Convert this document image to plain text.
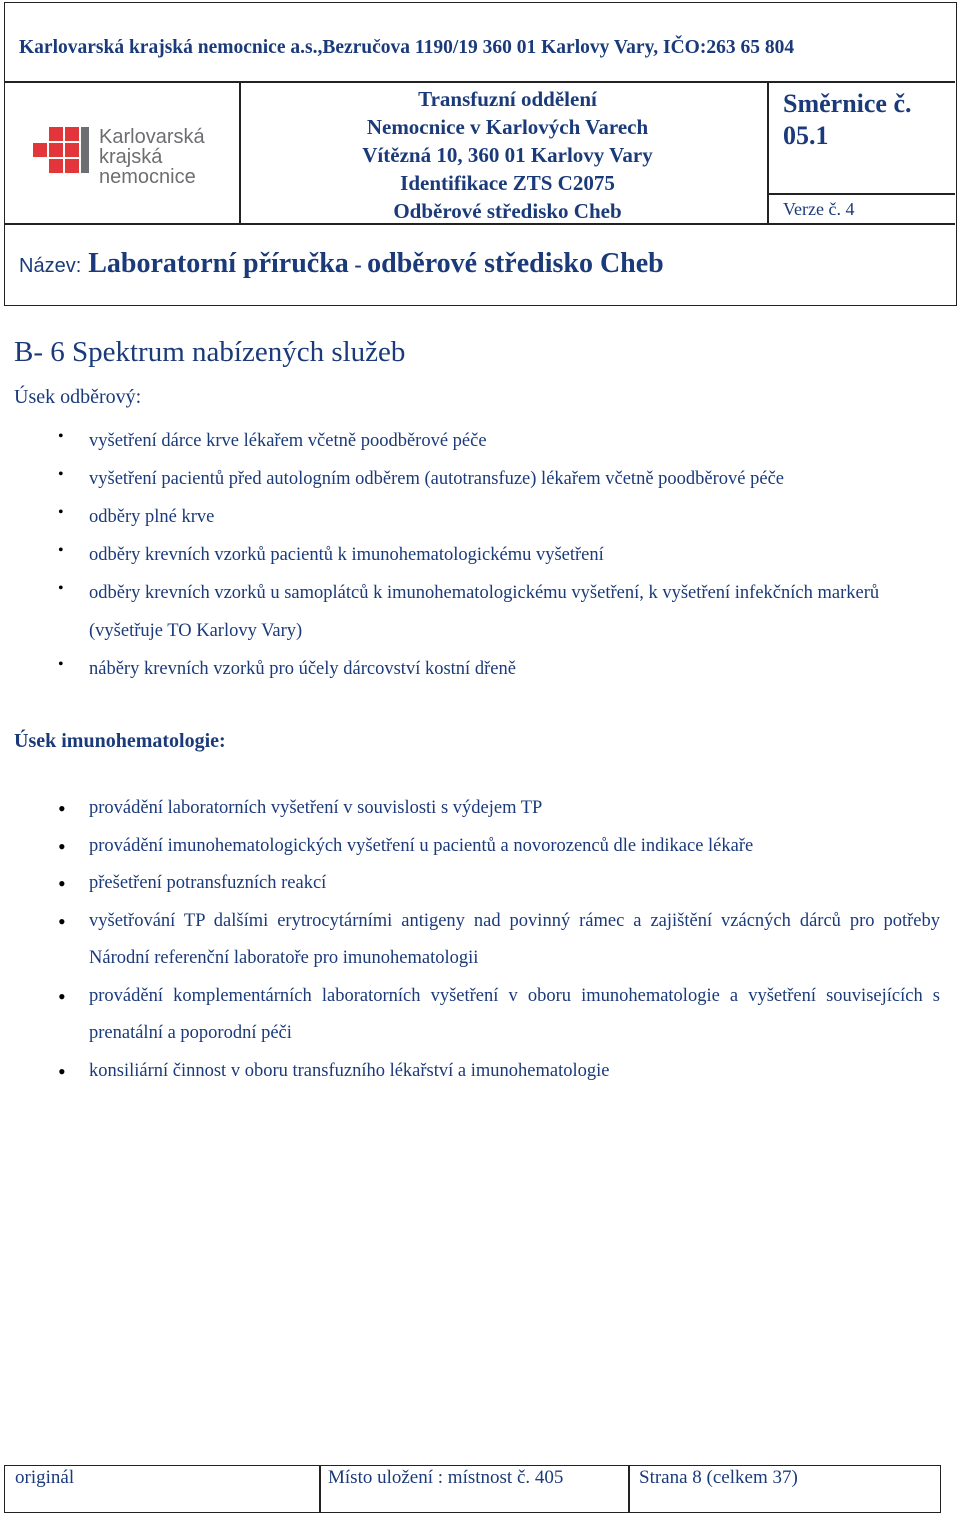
Karlovarská krajská nemocnice a.s.,Bezručova 1190/19 360 01 Karlovy Vary, IČO:263 65 804
Karlovarská
krajská
nemocnice
Transfuzní oddělení
Nemocnice v Karlových Varech
Vítězná 10, 360 01 Karlovy Vary
Identifikace ZTS C2075
Odběrové středisko Cheb
Směrnice č.
05.1
Verze č. 4
Název: Laboratorní příručka - odběrové středisko Cheb
B- 6 Spektrum nabízených služeb
Úsek odběrový:
• vyšetření dárce krve lékařem včetně poodběrové péče
• vyšetření pacientů před autologním odběrem (autotransfuze) lékařem včetně poodběrové péče
• odběry plné krve
• odběry krevních vzorků pacientů k imunohematologickému vyšetření
• odběry krevních vzorků u samoplátců k imunohematologickému vyšetření, k vyšetření infekčních markerů (vyšetřuje TO Karlovy Vary)
• náběry krevních vzorků pro účely dárcovství kostní dřeně
Úsek imunohematologie:
• provádění laboratorních vyšetření v souvislosti s výdejem TP
• provádění imunohematologických vyšetření u pacientů a novorozenců dle indikace lékaře
• přešetření potransfuzních reakcí
• vyšetřování TP dalšími erytrocytárními antigeny nad povinný rámec a zajištění vzácných dárců pro potřeby Národní referenční laboratoře pro imunohematologii
• provádění komplementárních laboratorních vyšetření v oboru imunohematologie a vyšetření souvisejících s prenatální a poporodní péči
• konsiliární činnost v oboru transfuzního lékařství a imunohematologie
originál	Místo uložení : místnost č. 405	Strana 8 (celkem 37)
